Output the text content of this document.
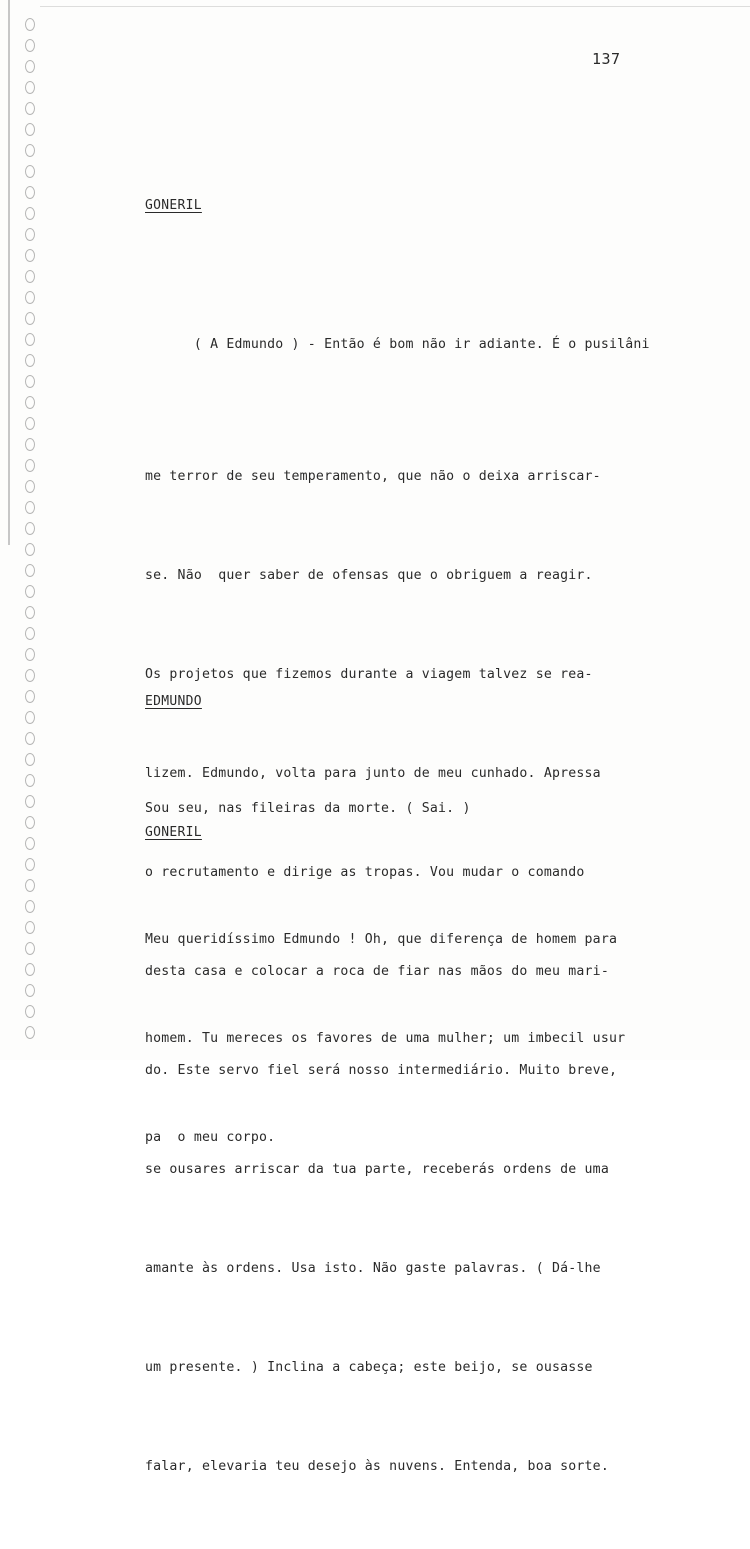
137
GONERIL

( A Edmundo ) - Então é bom não ir adiante. É o pusilâni

me terror de seu temperamento, que não o deixa arriscar-

se. Não  quer saber de ofensas que o obriguem a reagir.

Os projetos que fizemos durante a viagem talvez se rea-

lizem. Edmundo, volta para junto de meu cunhado. Apressa

o recrutamento e dirige as tropas. Vou mudar o comando

desta casa e colocar a roca de fiar nas mãos do meu mari-

do. Este servo fiel será nosso intermediário. Muito breve,

se ousares arriscar da tua parte, receberás ordens de uma

amante às ordens. Usa isto. Não gaste palavras. ( Dá-lhe

um presente. ) Inclina a cabeça; este beijo, se ousasse

falar, elevaria teu desejo às nuvens. Entenda, boa sorte.

EDMUNDO

Sou seu, nas fileiras da morte. ( Sai. )

GONERIL

Meu queridíssimo Edmundo ! Oh, que diferença de homem para

homem. Tu mereces os favores de uma mulher; um imbecil usur

pa  o meu corpo.
